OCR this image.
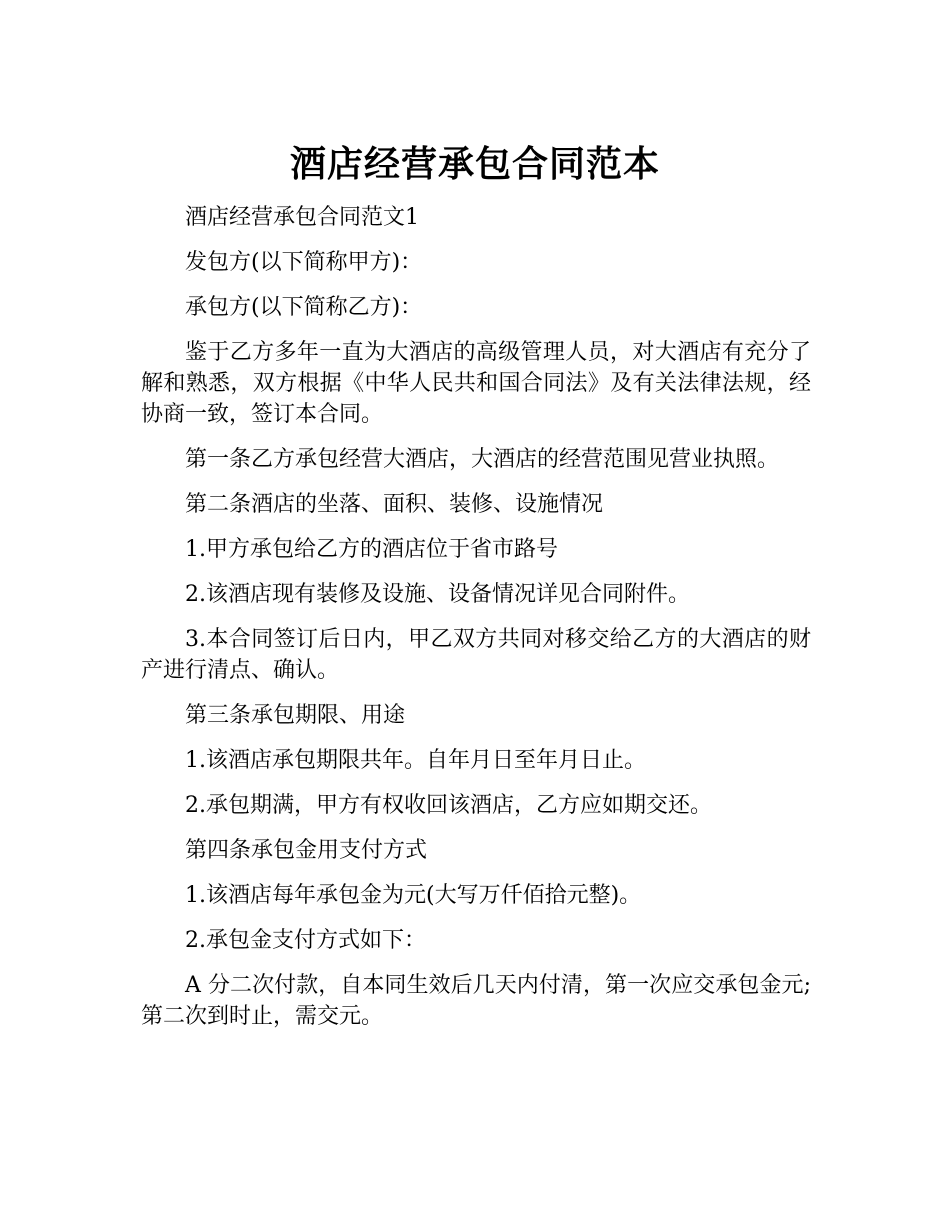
酒店经营承包合同范本

酒店经营承包合同范文1

发包方(以下简称甲方)：

承包方(以下简称乙方)：

鉴于乙方多年一直为大酒店的高级管理人员，对大酒店有充分了解和熟悉，双方根据《中华人民共和国合同法》及有关法律法规，经协商一致，签订本合同。

第一条乙方承包经营大酒店，大酒店的经营范围见营业执照。

第二条酒店的坐落、面积、装修、设施情况

1.甲方承包给乙方的酒店位于省市路号

2.该酒店现有装修及设施、设备情况详见合同附件。

3.本合同签订后日内，甲乙双方共同对移交给乙方的大酒店的财产进行清点、确认。

第三条承包期限、用途

1.该酒店承包期限共年。自年月日至年月日止。

2.承包期满，甲方有权收回该酒店，乙方应如期交还。

第四条承包金用支付方式

1.该酒店每年承包金为元(大写万仟佰拾元整)。

2.承包金支付方式如下：

A 分二次付款，自本同生效后几天内付清，第一次应交承包金元;第二次到时止，需交元。
